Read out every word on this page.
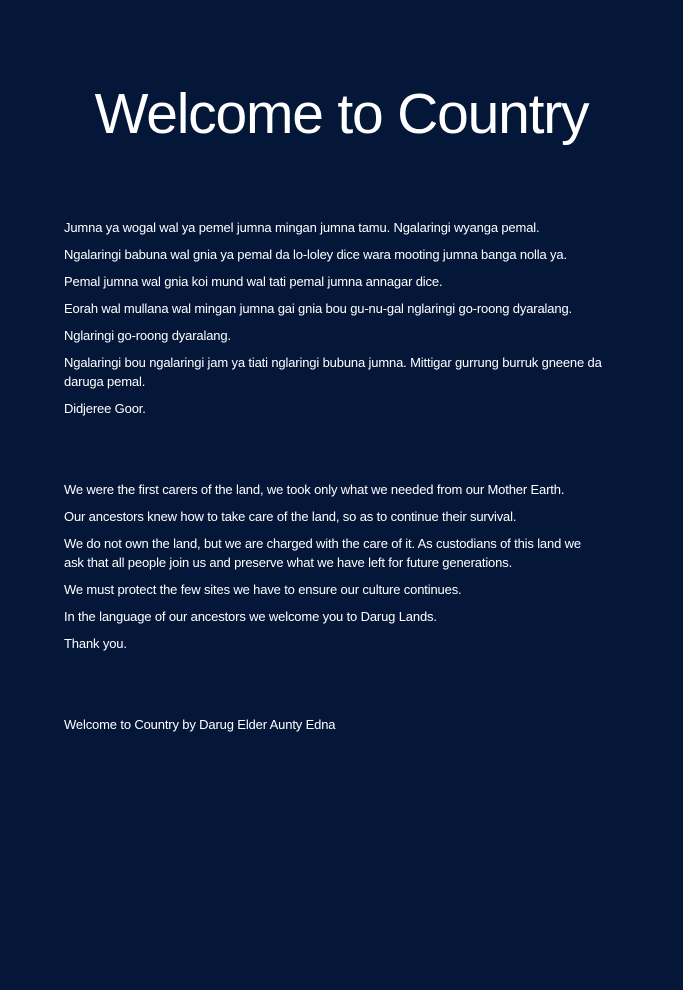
Welcome to Country

Jumna ya wogal wal ya pemel jumna mingan jumna tamu. Ngalaringi wyanga pemal.

Ngalaringi babuna wal gnia ya pemal da lo-loley dice wara mooting jumna banga nolla ya.

Pemal jumna wal gnia koi mund wal tati pemal jumna annagar dice.

Eorah wal mullana wal mingan jumna gai gnia bou gu-nu-gal nglaringi go-roong dyaralang.

Nglaringi go-roong dyaralang.

Ngalaringi bou ngalaringi jam ya tiati nglaringi bubuna jumna. Mittigar gurrung burruk gneene da daruga pemal.

Didjeree Goor.

We were the first carers of the land, we took only what we needed from our Mother Earth.

Our ancestors knew how to take care of the land, so as to continue their survival.

We do not own the land, but we are charged with the care of it. As custodians of this land we ask that all people join us and preserve what we have left for future generations.

We must protect the few sites we have to ensure our culture continues.

In the language of our ancestors we welcome you to Darug Lands.

Thank you.

Welcome to Country by Darug Elder Aunty Edna
